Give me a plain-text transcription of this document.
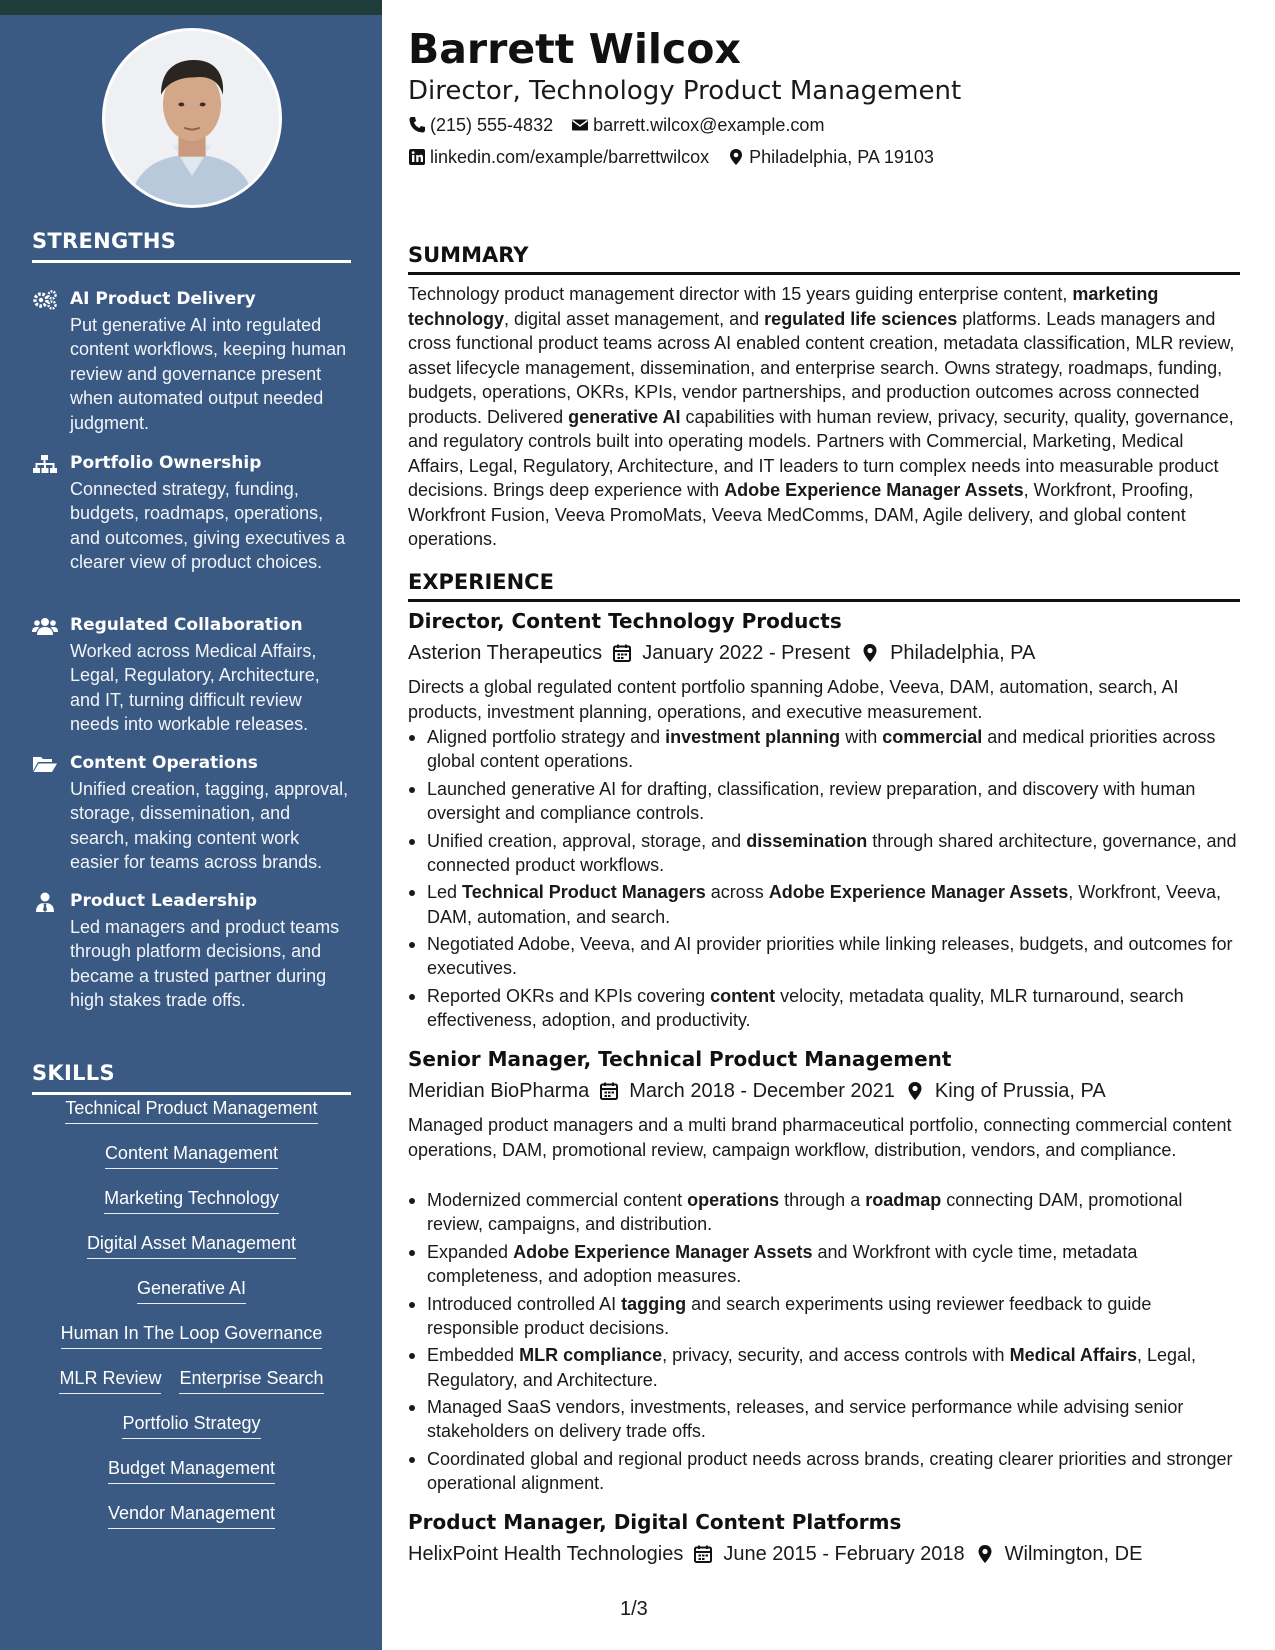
STRENGTHS
AI Product Delivery
Put generative AI into regulated content workflows, keeping human review and governance present when automated output needed judgment.
Portfolio Ownership
Connected strategy, funding, budgets, roadmaps, operations, and outcomes, giving executives a clearer view of product choices.
Regulated Collaboration
Worked across Medical Affairs, Legal, Regulatory, Architecture, and IT, turning difficult review needs into workable releases.
Content Operations
Unified creation, tagging, approval, storage, dissemination, and search, making content work easier for teams across brands.
Product Leadership
Led managers and product teams through platform decisions, and became a trusted partner during high stakes trade offs.
SKILLS
Technical Product Management
Content Management
Marketing Technology
Digital Asset Management
Generative AI
Human In The Loop Governance
MLR Review Enterprise Search
Portfolio Strategy
Budget Management
Vendor Management
Barrett Wilcox
Director, Technology Product Management
(215) 555-4832 barrett.wilcox@example.com
linkedin.com/example/barrettwilcox Philadelphia, PA 19103
SUMMARY
Technology product management director with 15 years guiding enterprise content, marketing technology, digital asset management, and regulated life sciences platforms. Leads managers and cross functional product teams across AI enabled content creation, metadata classification, MLR review, asset lifecycle management, dissemination, and enterprise search. Owns strategy, roadmaps, funding, budgets, operations, OKRs, KPIs, vendor partnerships, and production outcomes across connected products. Delivered generative AI capabilities with human review, privacy, security, quality, governance, and regulatory controls built into operating models. Partners with Commercial, Marketing, Medical Affairs, Legal, Regulatory, Architecture, and IT leaders to turn complex needs into measurable product decisions. Brings deep experience with Adobe Experience Manager Assets, Workfront, Proofing, Workfront Fusion, Veeva PromoMats, Veeva MedComms, DAM, Agile delivery, and global content operations.
EXPERIENCE
Director, Content Technology Products
Asterion Therapeutics January 2022 - Present Philadelphia, PA
Directs a global regulated content portfolio spanning Adobe, Veeva, DAM, automation, search, AI products, investment planning, operations, and executive measurement.
Aligned portfolio strategy and investment planning with commercial and medical priorities across global content operations.
Launched generative AI for drafting, classification, review preparation, and discovery with human oversight and compliance controls.
Unified creation, approval, storage, and dissemination through shared architecture, governance, and connected product workflows.
Led Technical Product Managers across Adobe Experience Manager Assets, Workfront, Veeva, DAM, automation, and search.
Negotiated Adobe, Veeva, and AI provider priorities while linking releases, budgets, and outcomes for executives.
Reported OKRs and KPIs covering content velocity, metadata quality, MLR turnaround, search effectiveness, adoption, and productivity.
Senior Manager, Technical Product Management
Meridian BioPharma March 2018 - December 2021 King of Prussia, PA
Managed product managers and a multi brand pharmaceutical portfolio, connecting commercial content operations, DAM, promotional review, campaign workflow, distribution, vendors, and compliance.
Modernized commercial content operations through a roadmap connecting DAM, promotional review, campaigns, and distribution.
Expanded Adobe Experience Manager Assets and Workfront with cycle time, metadata completeness, and adoption measures.
Introduced controlled AI tagging and search experiments using reviewer feedback to guide responsible product decisions.
Embedded MLR compliance, privacy, security, and access controls with Medical Affairs, Legal, Regulatory, and Architecture.
Managed SaaS vendors, investments, releases, and service performance while advising senior stakeholders on delivery trade offs.
Coordinated global and regional product needs across brands, creating clearer priorities and stronger operational alignment.
Product Manager, Digital Content Platforms
HelixPoint Health Technologies June 2015 - February 2018 Wilmington, DE
1/3
